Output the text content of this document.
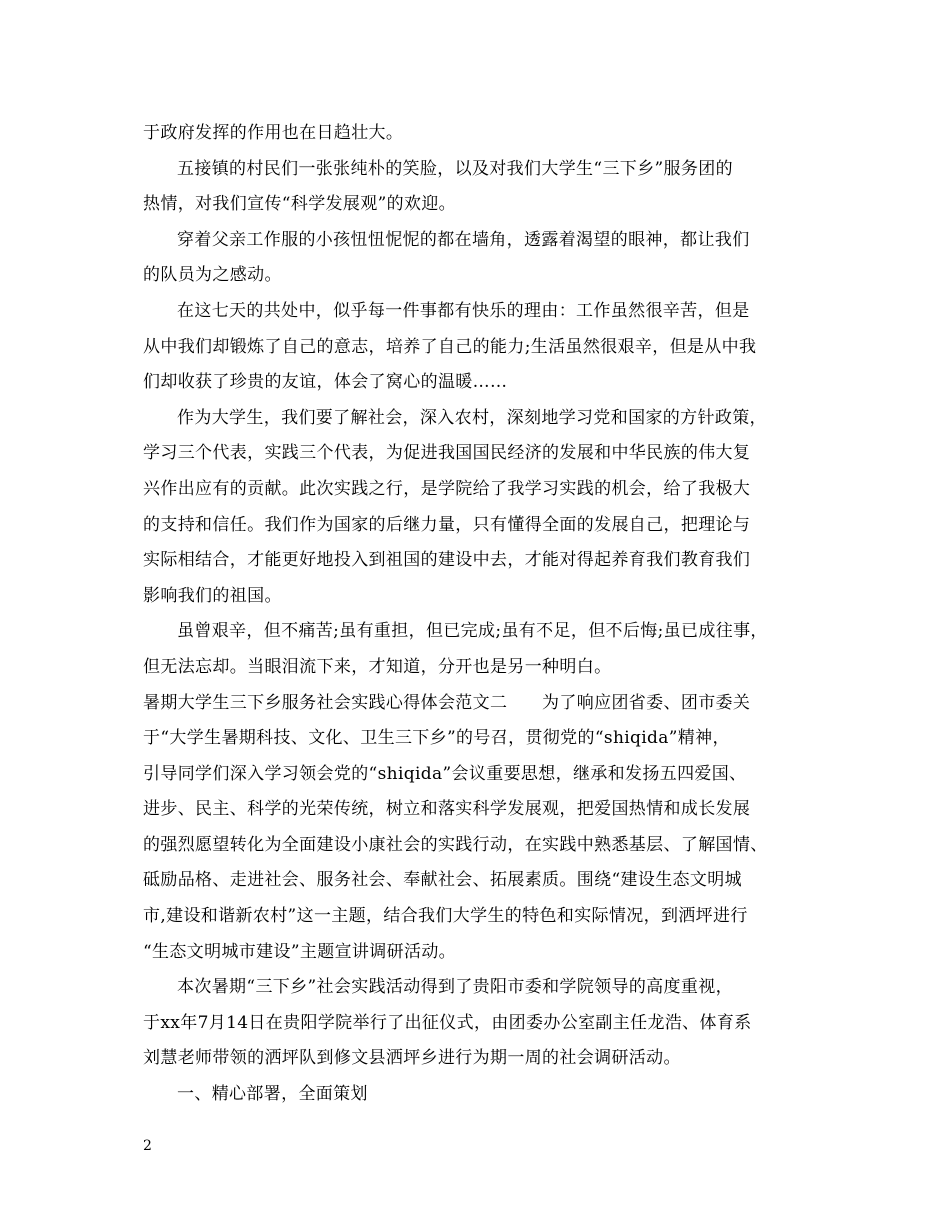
于政府发挥的作用也在日趋壮大。
五接镇的村民们一张张纯朴的笑脸，以及对我们大学生“三下乡”服务团的
热情，对我们宣传“科学发展观”的欢迎。
穿着父亲工作服的小孩忸忸怩怩的都在墙角，透露着渴望的眼神，都让我们
的队员为之感动。
在这七天的共处中，似乎每一件事都有快乐的理由：工作虽然很辛苦，但是
从中我们却锻炼了自己的意志，培养了自己的能力;生活虽然很艰辛，但是从中我
们却收获了珍贵的友谊，体会了窝心的温暖……
作为大学生，我们要了解社会，深入农村，深刻地学习党和国家的方针政策，
学习三个代表，实践三个代表，为促进我国国民经济的发展和中华民族的伟大复
兴作出应有的贡献。此次实践之行，是学院给了我学习实践的机会，给了我极大
的支持和信任。我们作为国家的后继力量，只有懂得全面的发展自己，把理论与
实际相结合，才能更好地投入到祖国的建设中去，才能对得起养育我们教育我们
影响我们的祖国。
虽曾艰辛，但不痛苦;虽有重担，但已完成;虽有不足，但不后悔;虽已成往事，
但无法忘却。当眼泪流下来，才知道，分开也是另一种明白。
暑期大学生三下乡服务社会实践心得体会范文二　　为了响应团省委、团市委关
于“大学生暑期科技、文化、卫生三下乡”的号召，贯彻党的“shiqida”精神，
引导同学们深入学习领会党的“shiqida”会议重要思想，继承和发扬五四爱国、
进步、民主、科学的光荣传统，树立和落实科学发展观，把爱国热情和成长发展
的强烈愿望转化为全面建设小康社会的实践行动，在实践中熟悉基层、了解国情、
砥励品格、走进社会、服务社会、奉献社会、拓展素质。围绕“建设生态文明城
市,建设和谐新农村”这一主题，结合我们大学生的特色和实际情况，到洒坪进行
“生态文明城市建设”主题宣讲调研活动。
本次暑期“三下乡”社会实践活动得到了贵阳市委和学院领导的高度重视，
于xx年7月14日在贵阳学院举行了出征仪式，由团委办公室副主任龙浩、体育系
刘慧老师带领的洒坪队到修文县洒坪乡进行为期一周的社会调研活动。
一、精心部署，全面策划
2
